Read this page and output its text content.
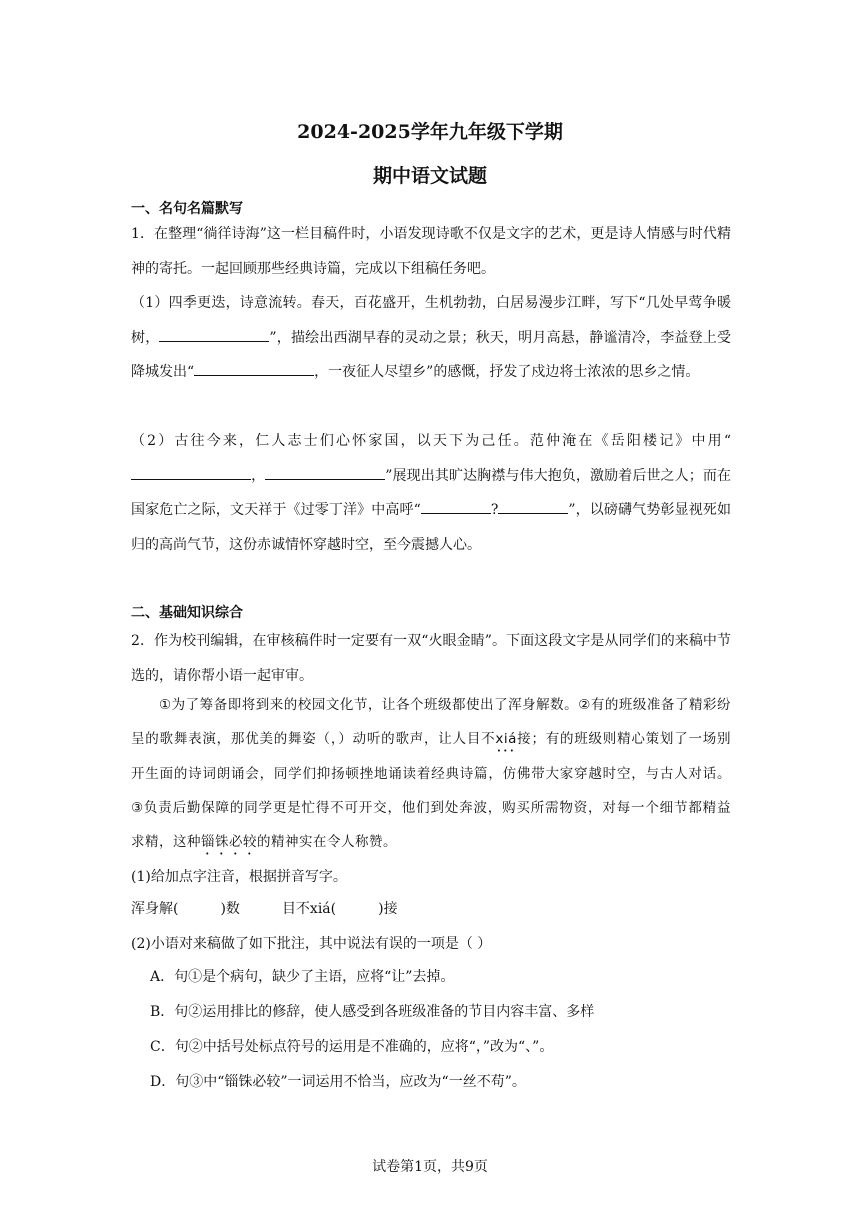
2024-2025学年九年级下学期
期中语文试题
一、名句名篇默写
1．在整理“徜徉诗海”这一栏目稿件时，小语发现诗歌不仅是文字的艺术，更是诗人情感与时代精神的寄托。一起回顾那些经典诗篇，完成以下组稿任务吧。
（1）四季更迭，诗意流转。春天，百花盛开，生机勃勃，白居易漫步江畔，写下“几处早莺争暖树，	”，描绘出西湖早春的灵动之景；秋天，明月高悬，静谧清冷，李益登上受降城发出“	，一夜征人尽望乡”的感慨，抒发了戍边将士浓浓的思乡之情。
（2）古往今来，仁人志士们心怀家国，以天下为己任。范仲淹在《岳阳楼记》中用“，	”展现出其旷达胸襟与伟大抱负，激励着后世之人；而在国家危亡之际，文天祥于《过零丁洋》中高呼“	?	”，以磅礴气势彰显视死如归的高尚气节，这份赤诚情怀穿越时空，至今震撼人心。
二、基础知识综合
2．作为校刊编辑，在审核稿件时一定要有一双“火眼金睛”。下面这段文字是从同学们的来稿中节选的，请你帮小语一起审审。
①为了筹备即将到来的校园文化节，让各个班级都使出了浑身解数。②有的班级准备了精彩纷呈的歌舞表演，那优美的舞姿（，）动听的歌声，让人目不xiá接；有的班级则精心策划了一场别开生面的诗词朗诵会，同学们抑扬顿挫地诵读着经典诗篇，仿佛带大家穿越时空，与古人对话。③负责后勤保障的同学更是忙得不可开交，他们到处奔波，购买所需物资，对每一个细节都精益求精，这种锱铢必较的精神实在令人称赞。
(1)给加点字注音，根据拼音写字。
浑身解(	)数	目不xiá(	)接
(2)小语对来稿做了如下批注，其中说法有误的一项是（ ）
A．句①是个病句，缺少了主语，应将“让”去掉。
B．句②运用排比的修辞，使人感受到各班级准备的节目内容丰富、多样
C．句②中括号处标点符号的运用是不准确的，应将“，”改为“、”。
D．句③中“锱铢必较”一词运用不恰当，应改为“一丝不苟”。
试卷第1页，共9页
